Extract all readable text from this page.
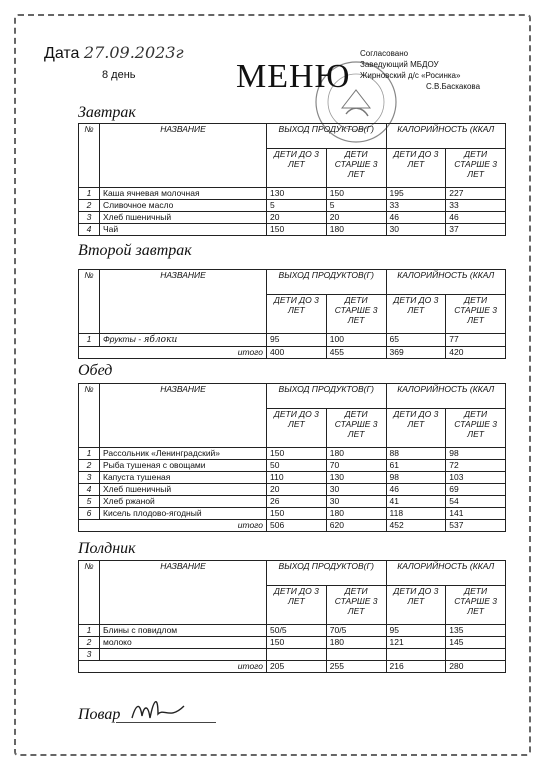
Дата 27.09.2023г
8 день	МЕНЮ
Согласовано
Заведующий МБДОУ
Жирновский д/с «Росинка»
С.В.Баскакова
Завтрак
№	НАЗВАНИЕ	ВЫХОД ПРОДУКТОВ(Г)		КАЛОРИЙНОСТЬ (ККАЛ	
		ДЕТИ ДО 3 ЛЕТ	ДЕТИ СТАРШЕ 3 ЛЕТ	ДЕТИ ДО 3 ЛЕТ	ДЕТИ СТАРШЕ 3 ЛЕТ
1	Каша ячневая молочная	130	150	195	227
2	Сливочное масло	5	5	33	33
3	Хлеб пшеничный	20	20	46	46
4	Чай	150	180	30	37
Второй завтрак
№	НАЗВАНИЕ	ВЫХОД ПРОДУКТОВ(Г)		КАЛОРИЙНОСТЬ (ККАЛ	
		ДЕТИ ДО 3 ЛЕТ	ДЕТИ СТАРШЕ 3 ЛЕТ	ДЕТИ ДО 3 ЛЕТ	ДЕТИ СТАРШЕ 3 ЛЕТ
1	Фрукты - яблоки	95	100	65	77
итого		400	455	369	420
Обед
№	НАЗВАНИЕ	ВЫХОД ПРОДУКТОВ(Г)		КАЛОРИЙНОСТЬ (ККАЛ	
		ДЕТИ ДО 3 ЛЕТ	ДЕТИ СТАРШЕ 3 ЛЕТ	ДЕТИ ДО 3 ЛЕТ	ДЕТИ СТАРШЕ 3 ЛЕТ
1	Рассольник «Ленинградский»	150	180	88	98
2	Рыба тушеная с овощами	50	70	61	72
3	Капуста тушеная	110	130	98	103
4	Хлеб пшеничный	20	30	46	69
5	Хлеб ржаной	26	30	41	54
6	Кисель плодово-ягодный	150	180	118	141
итого		506	620	452	537
Полдник
№	НАЗВАНИЕ	ВЫХОД ПРОДУКТОВ(Г)		КАЛОРИЙНОСТЬ (ККАЛ	
		ДЕТИ ДО 3 ЛЕТ	ДЕТИ СТАРШЕ 3 ЛЕТ	ДЕТИ ДО 3 ЛЕТ	ДЕТИ СТАРШЕ 3 ЛЕТ
1	Блины с повидлом	50/5	70/5	95	135
2	молоко	150	180	121	145
3					
итого		205	255	216	280
Повар
